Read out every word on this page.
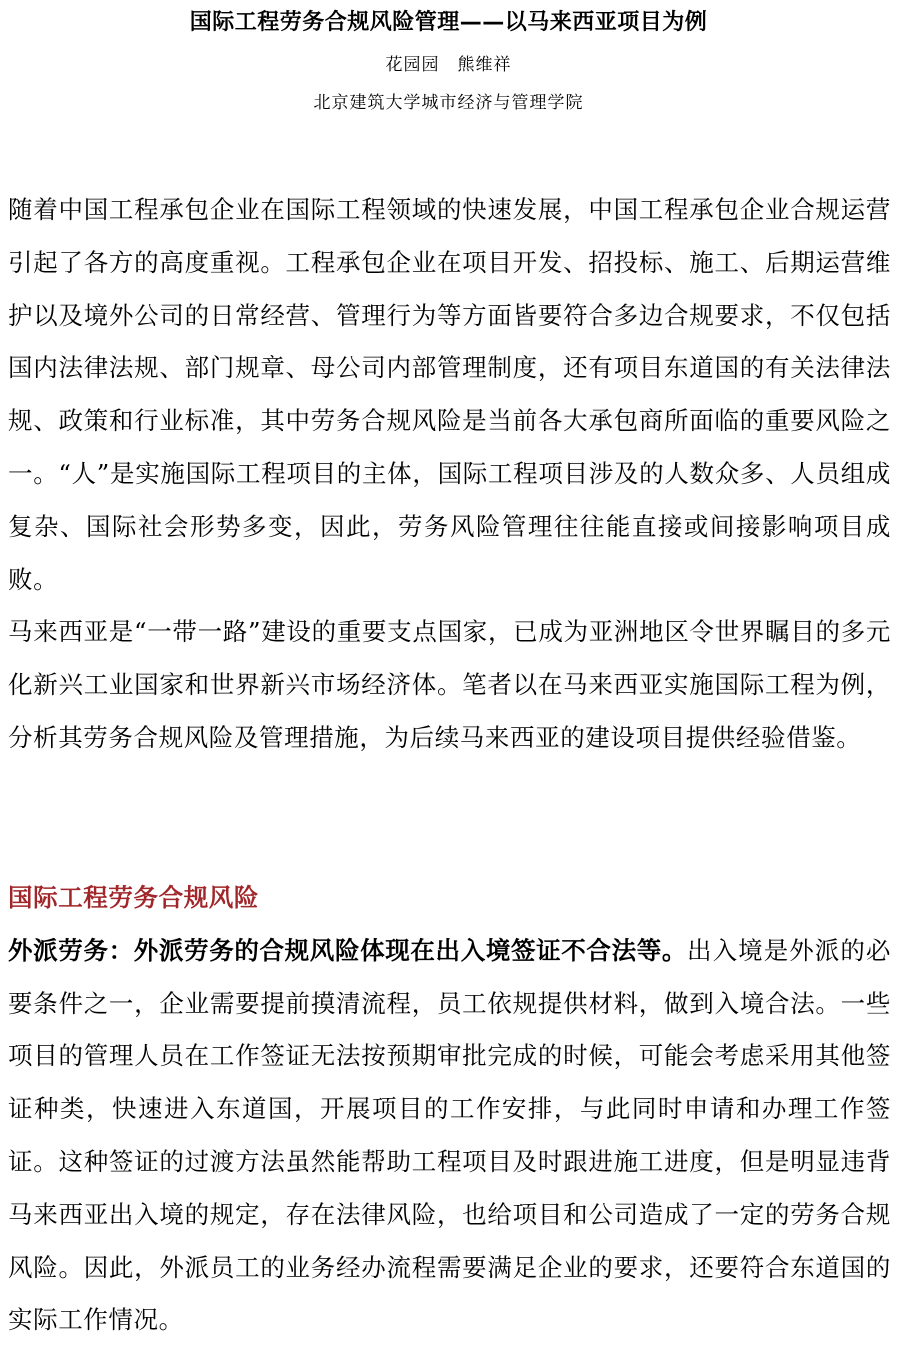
国际工程劳务合规风险管理——以马来西亚项目为例

花园园 熊维祥

北京建筑大学城市经济与管理学院

随着中国工程承包企业在国际工程领域的快速发展，中国工程承包企业合规运营引起了各方的高度重视。工程承包企业在项目开发、招投标、施工、后期运营维护以及境外公司的日常经营、管理行为等方面皆要符合多边合规要求，不仅包括国内法律法规、部门规章、母公司内部管理制度，还有项目东道国的有关法律法规、政策和行业标准，其中劳务合规风险是当前各大承包商所面临的重要风险之一。“人”是实施国际工程项目的主体，国际工程项目涉及的人数众多、人员组成复杂、国际社会形势多变，因此，劳务风险管理往往能直接或间接影响项目成败。

马来西亚是“一带一路”建设的重要支点国家，已成为亚洲地区令世界瞩目的多元化新兴工业国家和世界新兴市场经济体。笔者以在马来西亚实施国际工程为例，分析其劳务合规风险及管理措施，为后续马来西亚的建设项目提供经验借鉴。

国际工程劳务合规风险

外派劳务：外派劳务的合规风险体现在出入境签证不合法等。出入境是外派的必要条件之一，企业需要提前摸清流程，员工依规提供材料，做到入境合法。一些项目的管理人员在工作签证无法按预期审批完成的时候，可能会考虑采用其他签证种类，快速进入东道国，开展项目的工作安排，与此同时申请和办理工作签证。这种签证的过渡方法虽然能帮助工程项目及时跟进施工进度，但是明显违背马来西亚出入境的规定，存在法律风险，也给项目和公司造成了一定的劳务合规风险。因此，外派员工的业务经办流程需要满足企业的要求，还要符合东道国的实际工作情况。
